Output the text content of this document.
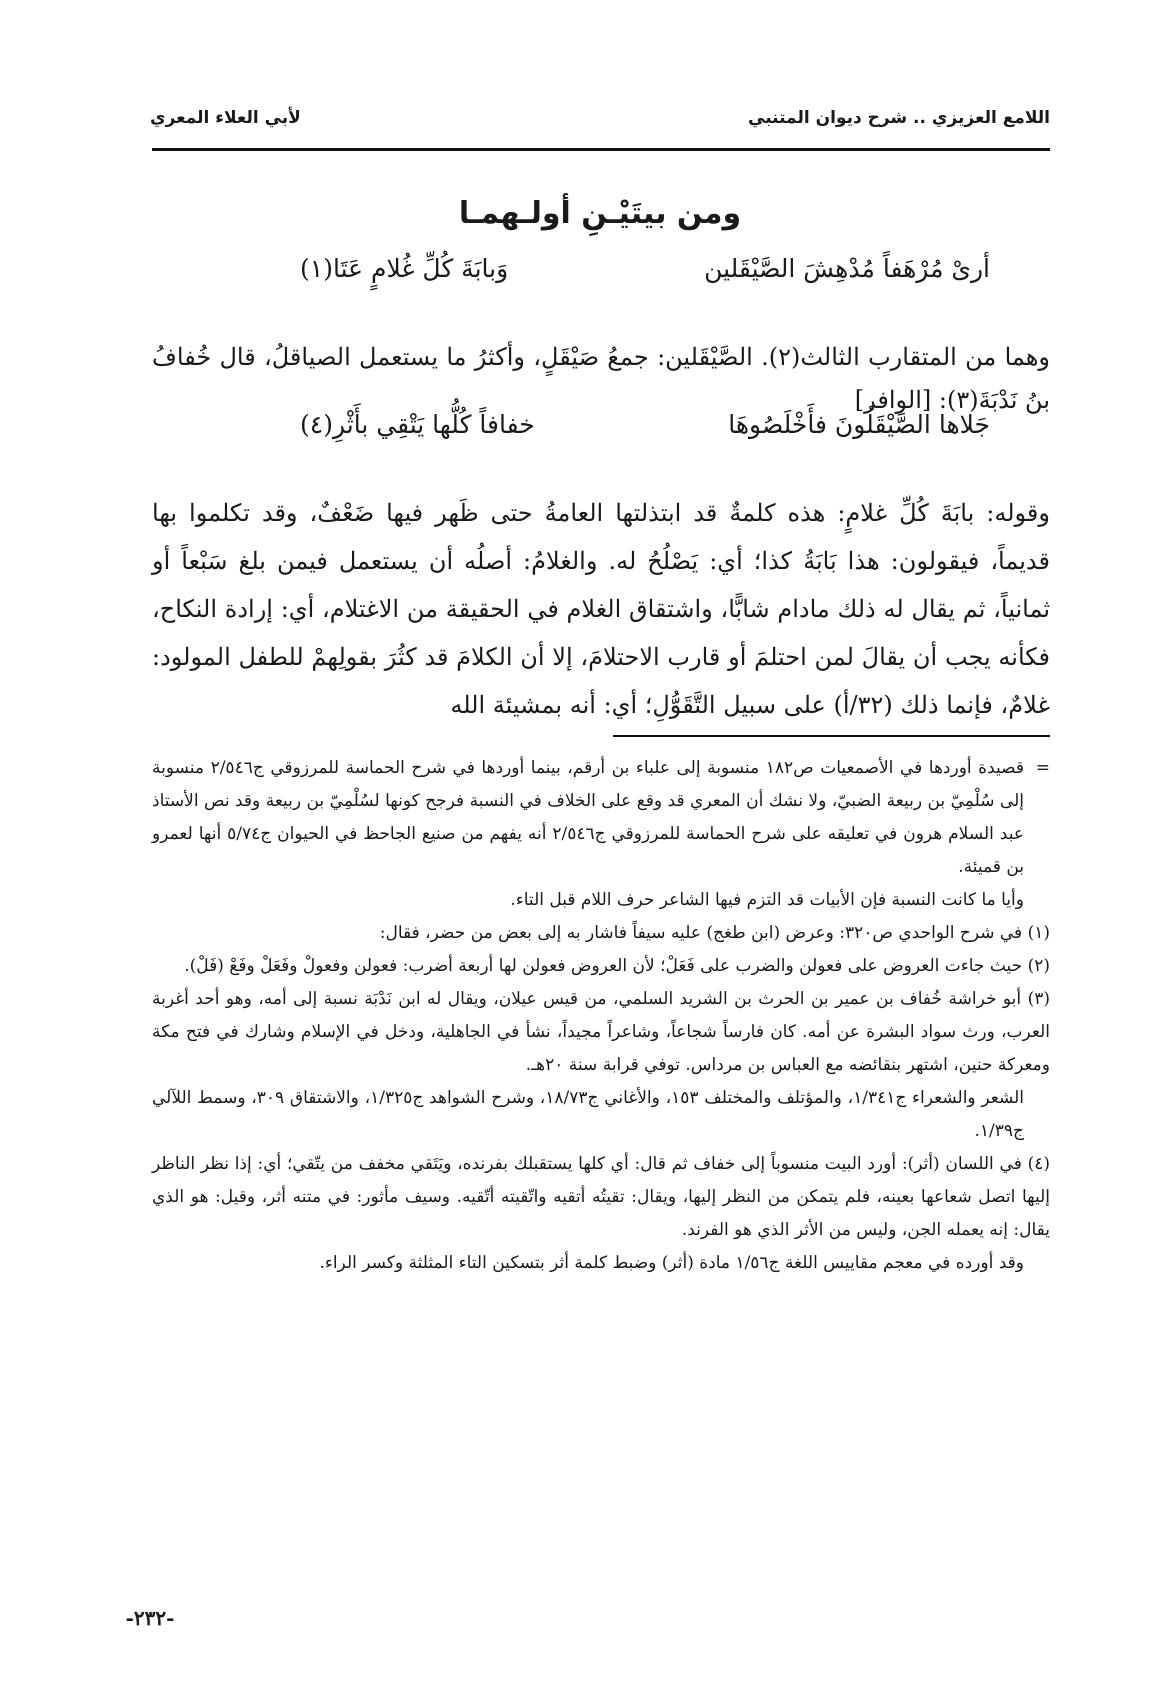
اللامع العزيزي .. شرح ديوان المتنبي
لأبي العلاء المعري
ومن بيتَيْـنِ أولـهمـا
أرىْ مُرْهَفاً مُدْهِشَ الصَّيْقَلين
وَبابَةَ كُلِّ غُلامٍ عَتَا(١)

وهما من المتقارب الثالث(٢). الصَّيْقَلين: جمعُ صَيْقَلٍ، وأكثرُ ما يستعمل الصياقلُ، قال خُفافُ بنُ نَدْبَةَ(٣): [الوافر]

جَلاها الصَّيْقَلُونَ فأَخْلَصُوهَا
خفافاً كُلُّها يَتْقِي بأَثْرِ(٤)

وقوله: بابَةَ كُلِّ غلامٍ: هذه كلمةٌ قد ابتذلتها العامةُ حتى ظَهر فيها ضَعْفٌ، وقد تكلموا بها قديماً، فيقولون: هذا بَابَةُ كذا؛ أي: يَصْلُحُ له. والغلامُ: أصلُه أن يستعمل فيمن بلغ سَبْعاً أو ثمانياً، ثم يقال له ذلك مادام شابًّا، واشتقاق الغلام في الحقيقة من الاغتلام، أي: إرادة النكاح، فكأنه يجب أن يقالَ لمن احتلمَ أو قارب الاحتلامَ، إلا أن الكلامَ قد كثُرَ بقولِهمْ للطفل المولود: غلامٌ، فإنما ذلك (٣٢/أ) على سبيل التَّقَوُّلِ؛ أي: أنه بمشيئة الله

=
قصيدة أوردها في الأصمعيات ص١٨٢ منسوبة إلى علباء بن أرقم، بينما أوردها في شرح الحماسة للمرزوقي ج٢/٥٤٦ منسوبة إلى سُلْمِيّ بن ربيعة الضبيّ، ولا نشك أن المعري قد وقع على الخلاف في النسبة فرجح كونها لسُلْمِيّ بن ربيعة وقد نص الأستاذ عبد السلام هرون في تعليقه على شرح الحماسة للمرزوقي ج٢/٥٤٦ أنه يفهم من صنيع الجاحظ في الحيوان ج٥/٧٤ أنها لعمرو بن قميئة.

وأيا ما كانت النسبة فإن الأبيات قد التزم فيها الشاعر حرف اللام قبل التاء.

(١) في شرح الواحدي ص٣٢٠: وعرض (ابن طغج) عليه سيفاً فاشار به إلى بعض من حضر، فقال:

(٢) حيث جاءت العروض على فعولن والضرب على فَعَلْ؛ لأن العروض فعولن لها أربعة أضرب: فعولن وفعولْ وفَعَلْ وفَعْ (فَلْ).

(٣) أبو خراشة خُفاف بن عمير بن الحرث بن الشريد السلمي، من قيس عيلان، ويقال له ابن نَدْبَة نسبة إلى أمه، وهو أحد أغربة العرب، ورث سواد البشرة عن أمه. كان فارساً شجاعاً، وشاعراً مجيداً، نشأ في الجاهلية، ودخل في الإسلام وشارك في فتح مكة ومعركة حنين، اشتهر بنقائضه مع العباس بن مرداس. توفي قرابة سنة ٢٠هـ.

الشعر والشعراء ج١/٣٤١، والمؤتلف والمختلف ١٥٣، والأغاني ج١٨/٧٣، وشرح الشواهد ج١/٣٢٥، والاشتقاق ٣٠٩، وسمط اللآلي ج١/٣٩.

(٤) في اللسان (أثر): أورد البيت منسوباً إلى خفاف ثم قال: أي كلها يستقبلك بفرنده، ويَتَقي مخفف من يتّقي؛ أي: إذا نظر الناظر إليها اتصل شعاعها بعينه، فلم يتمكن من النظر إليها، ويقال: تقيتُه أتقيه واتّقيته أتّقيه. وسيف مأثور: في متنه أثر، وقيل: هو الذي يقال: إنه يعمله الجن، وليس من الأثر الذي هو الفرند.

وقد أورده في معجم مقاييس اللغة ج١/٥٦ مادة (أثر) وضبط كلمة أثر بتسكين التاء المثلثة وكسر الراء.

-٢٣٢-
